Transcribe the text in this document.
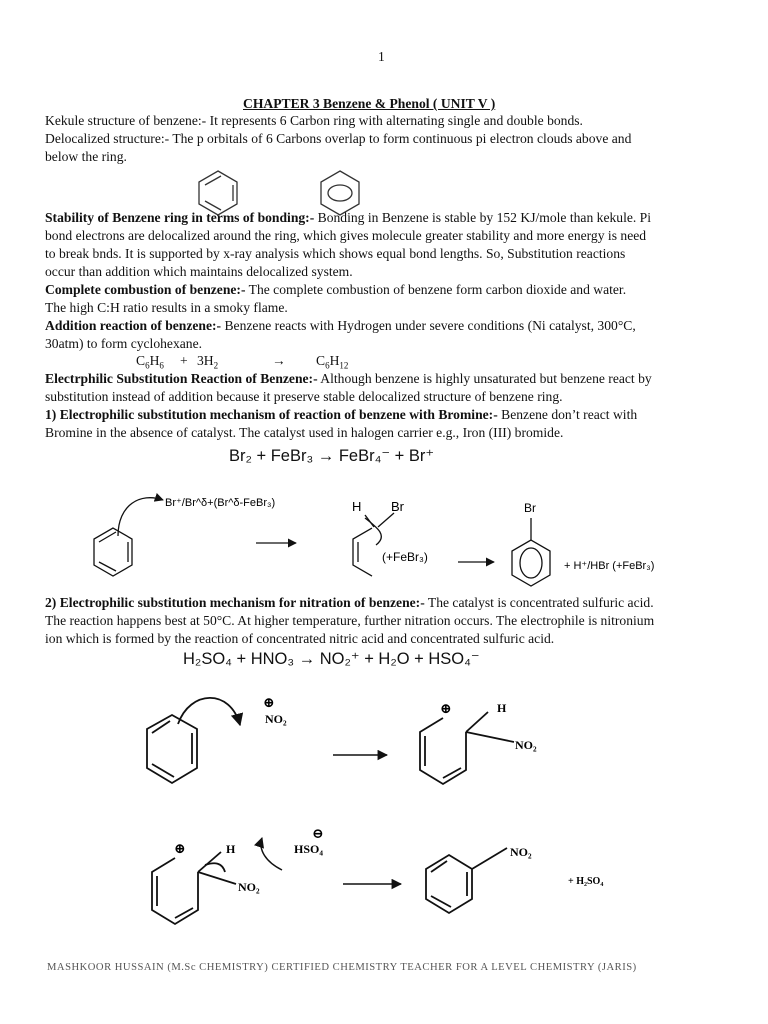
1
CHAPTER 3 Benzene & Phenol ( UNIT V )
Kekule structure of benzene:- It represents 6 Carbon ring with alternating single and double bonds.
Delocalized structure:- The p orbitals of 6 Carbons overlap to form continuous pi electron clouds above and
below the ring.
Stability of Benzene ring in terms of bonding:- Bonding in Benzene is stable by 152 KJ/mole than kekule. Pi
bond electrons are delocalized around the ring, which gives molecule greater stability and more energy is need
to break bnds. It is supported by x-ray analysis which shows equal bond lengths. So, Substitution reactions
occur than addition which maintains delocalized system.
Complete combustion of benzene:- The complete combustion of benzene form carbon dioxide and water.
The high C:H ratio results in a smoky flame.
Addition reaction of benzene:- Benzene reacts with Hydrogen under severe conditions (Ni catalyst, 300°C,
30atm) to form cyclohexane.
$C_6H_6 + 3H_2$	→ $C_6H_{12}$
Electrphilic Substitution Reaction of Benzene:- Although benzene is highly unsaturated but benzene react by
substitution instead of addition because it preserve stable delocalized structure of benzene ring.
1) Electrophilic substitution mechanism of reaction of benzene with Bromine:- Benzene don’t react with
Bromine in the absence of catalyst. The catalyst used in halogen carrier e.g., Iron (III) bromide.
Br₂ + FeBr₃ → FeBr₄⁻ + Br⁺
2) Electrophilic substitution mechanism for nitration of benzene:- The catalyst is concentrated sulfuric acid.
The reaction happens best at 50°C. At higher temperature, further nitration occurs. The electrophile is nitronium
ion which is formed by the reaction of concentrated nitric acid and concentrated sulfuric acid.
H₂SO₄ + HNO₃ → NO₂⁺ + H₂O + HSO₄⁻
Br⁺/Br^δ+(Br^δ-FeBr₃)	H Br
(+FeBr₃)
Br
+ H⁺/HBr (+FeBr₃)
⊕
NO₂
⊕	H
NO₂
⊕	H
NO₂
⊖
HSO₄	NO₂
+ H₂SO₄
MASHKOOR HUSSAIN (M.Sc CHEMISTRY) CERTIFIED CHEMISTRY TEACHER FOR A LEVEL CHEMISTRY (JARIS)
